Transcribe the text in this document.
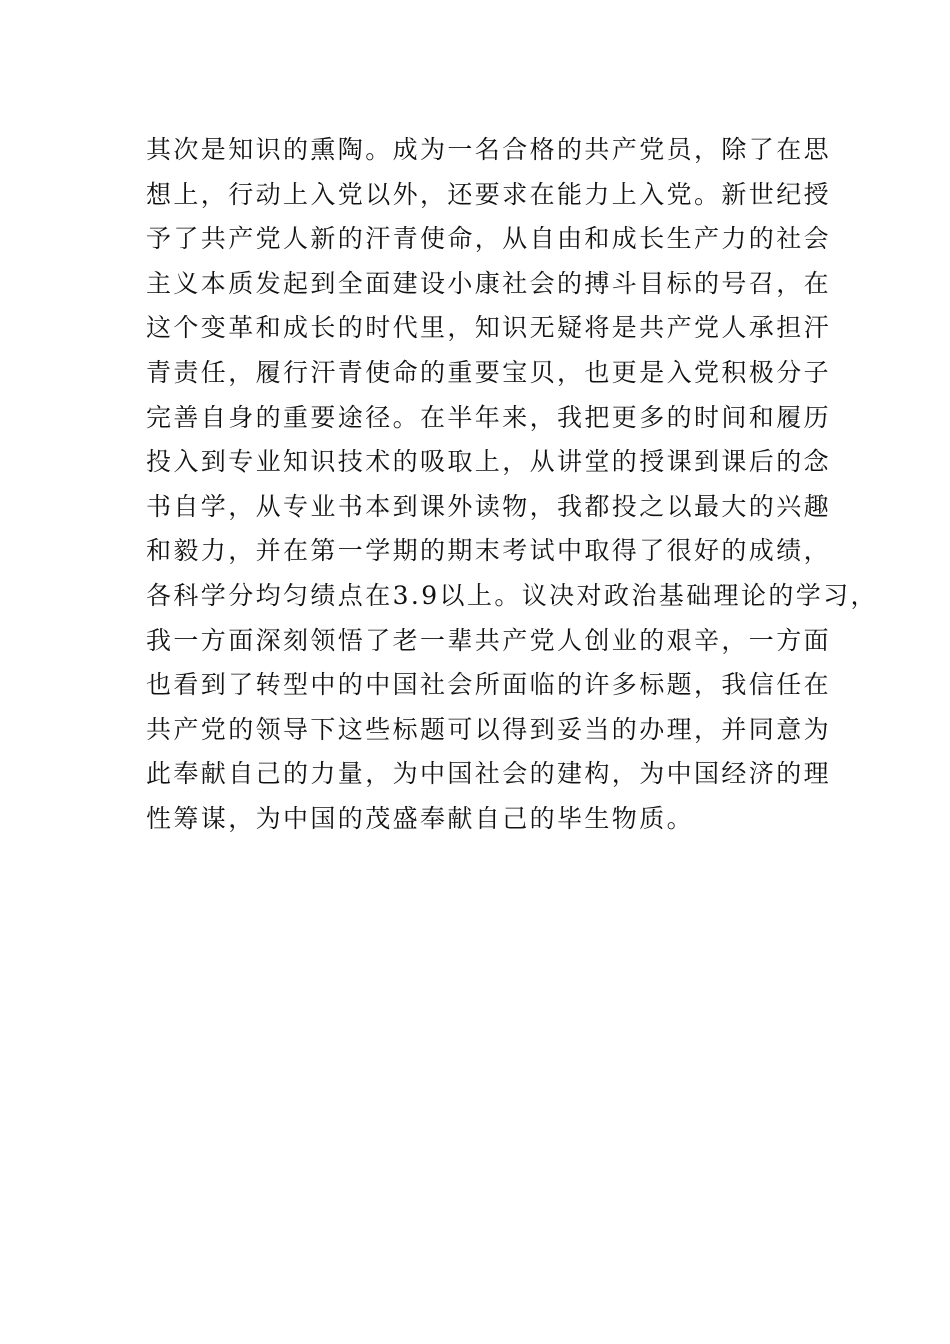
其次是知识的熏陶。成为一名合格的共产党员，除了在思
想上，行动上入党以外，还要求在能力上入党。新世纪授
予了共产党人新的汗青使命，从自由和成长生产力的社会
主义本质发起到全面建设小康社会的搏斗目标的号召，在
这个变革和成长的时代里，知识无疑将是共产党人承担汗
青责任，履行汗青使命的重要宝贝，也更是入党积极分子
完善自身的重要途径。在半年来，我把更多的时间和履历
投入到专业知识技术的吸取上，从讲堂的授课到课后的念
书自学，从专业书本到课外读物，我都投之以最大的兴趣
和毅力，并在第一学期的期末考试中取得了很好的成绩，
各科学分均匀绩点在3.9以上。议决对政治基础理论的学习，
我一方面深刻领悟了老一辈共产党人创业的艰辛，一方面
也看到了转型中的中国社会所面临的许多标题，我信任在
共产党的领导下这些标题可以得到妥当的办理，并同意为
此奉献自己的力量，为中国社会的建构，为中国经济的理
性筹谋，为中国的茂盛奉献自己的毕生物质。
